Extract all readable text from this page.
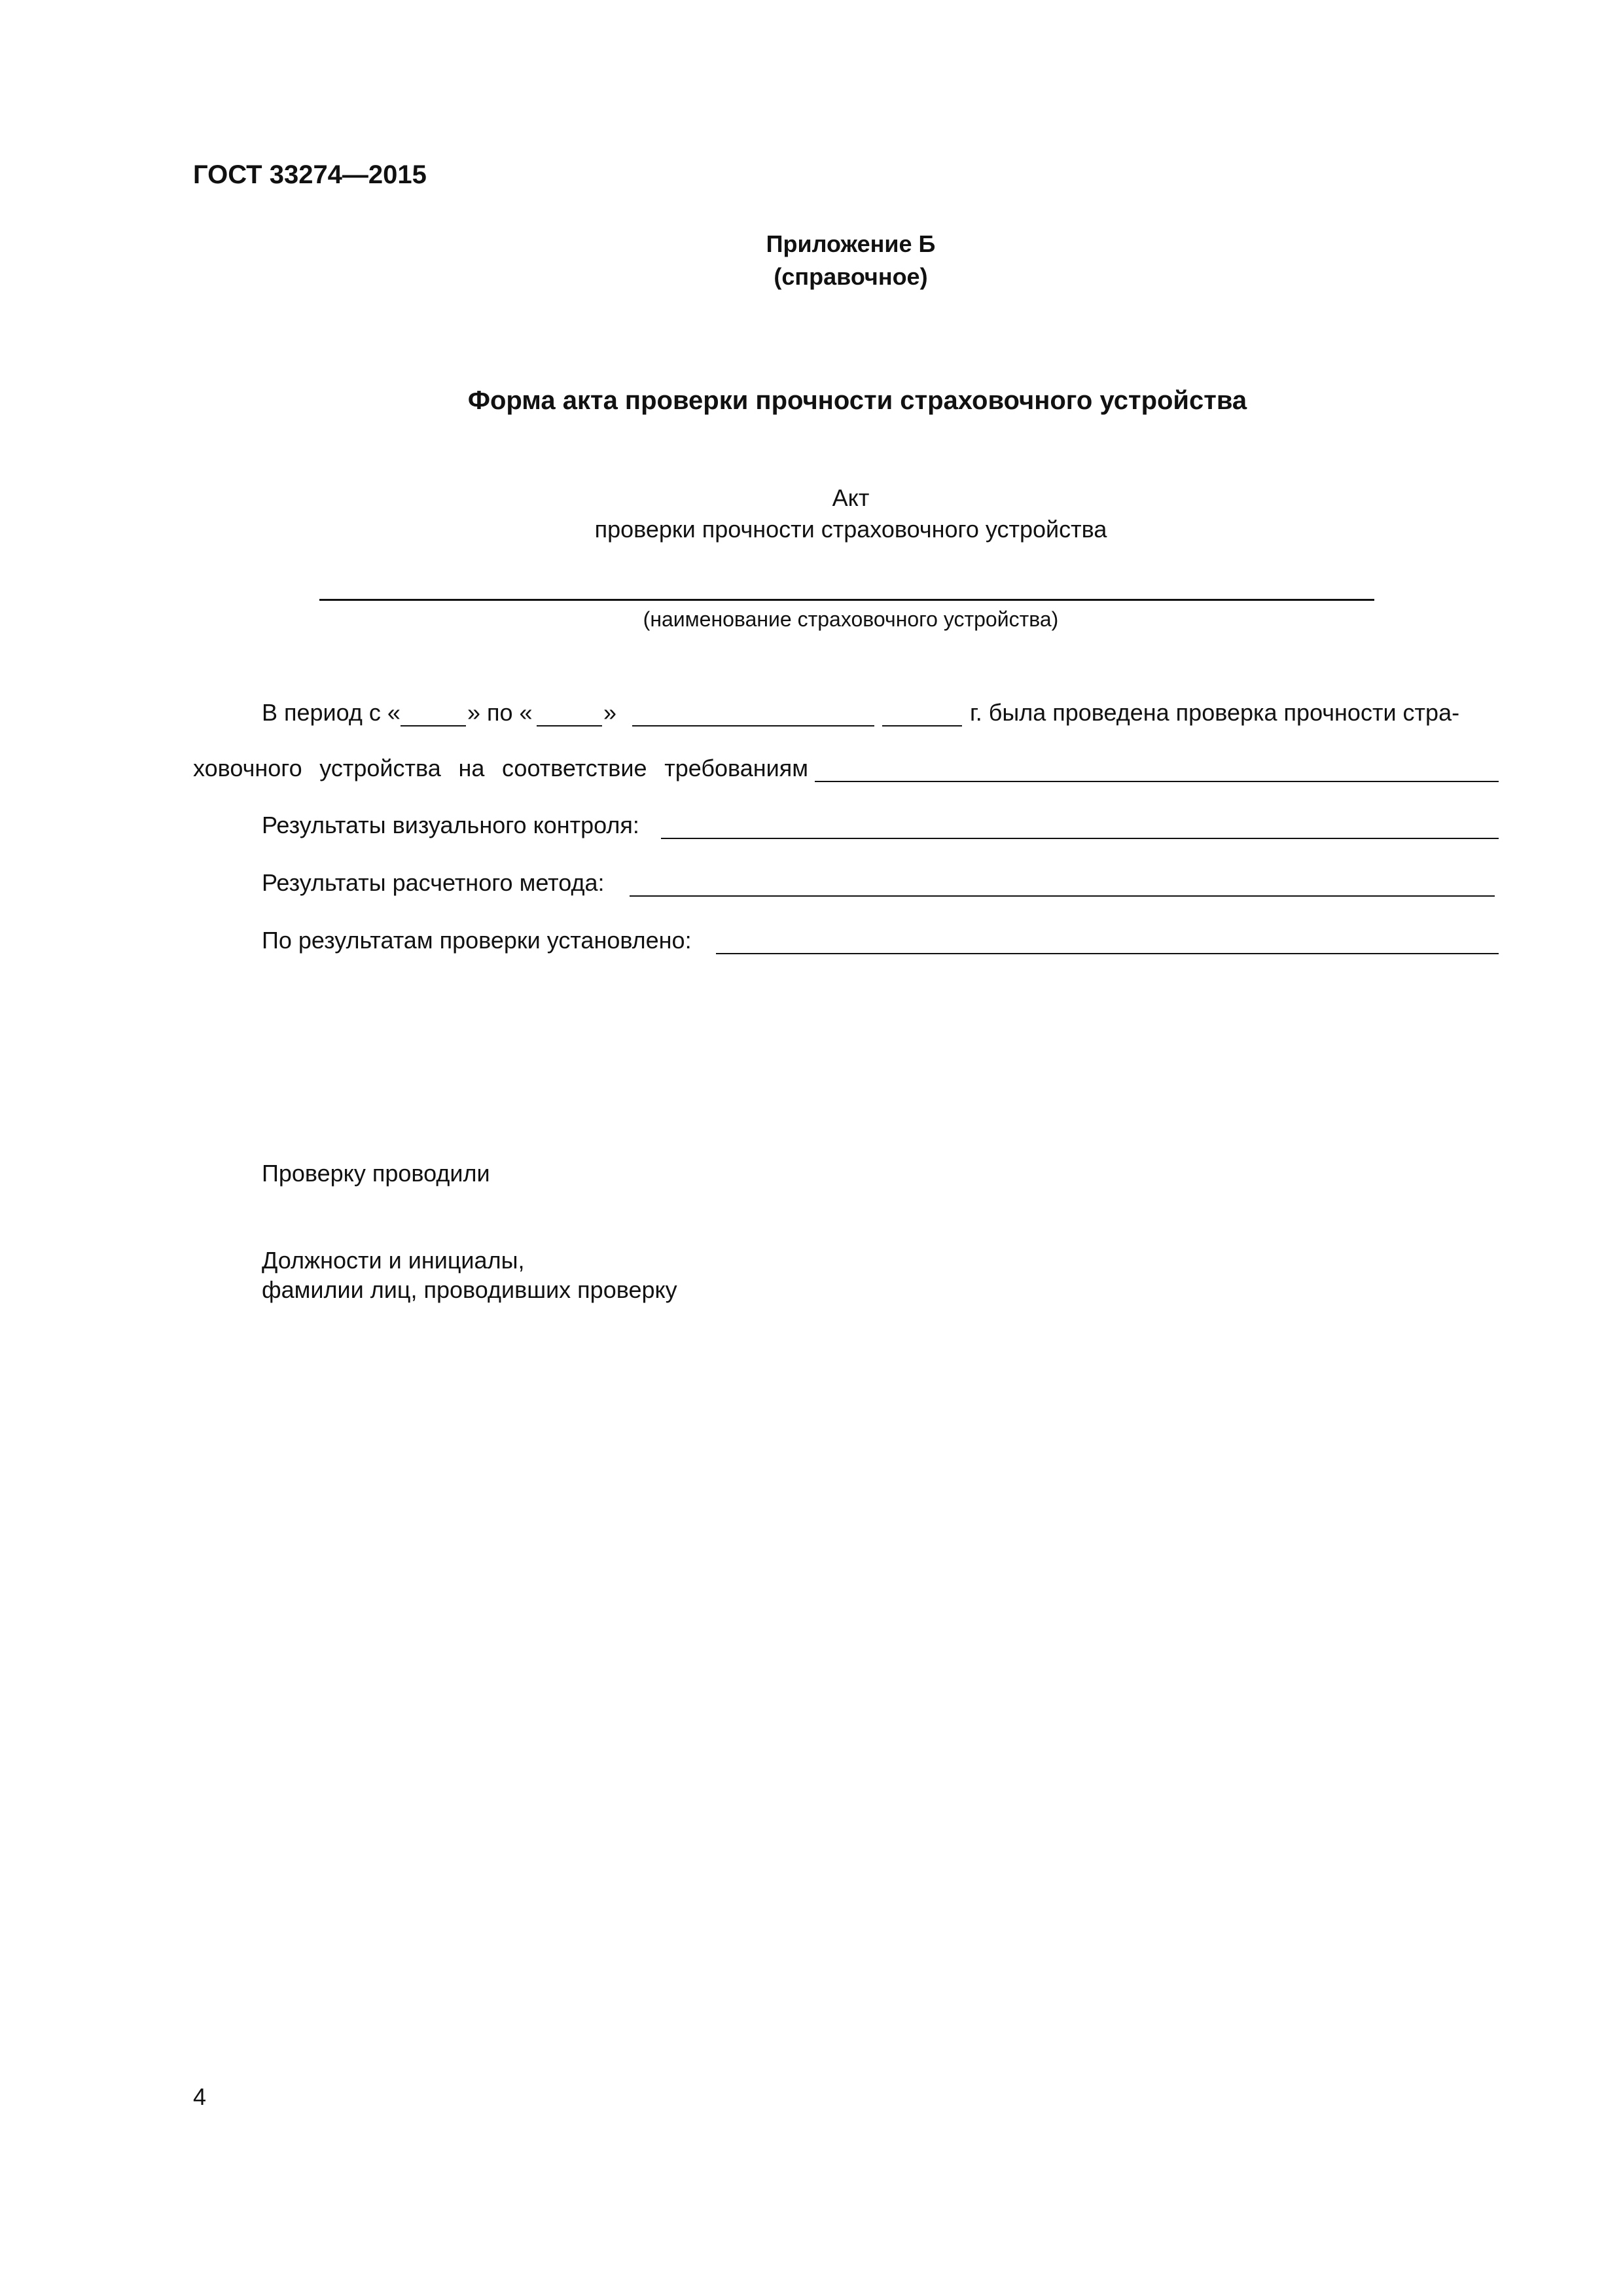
ГОСТ 33274—2015
Приложение Б
(справочное)
Форма акта проверки прочности страховочного устройства
Акт
проверки прочности страховочного устройства
(наименование страховочного устройства)
В период с «	» по «	»	г. была проведена проверка прочности стра-
ховочного устройства на соответствие требованиям
Результаты визуального контроля:
Результаты расчетного метода:
По результатам проверки установлено:
Проверку проводили
Должности и инициалы,
фамилии лиц, проводивших проверку
4
